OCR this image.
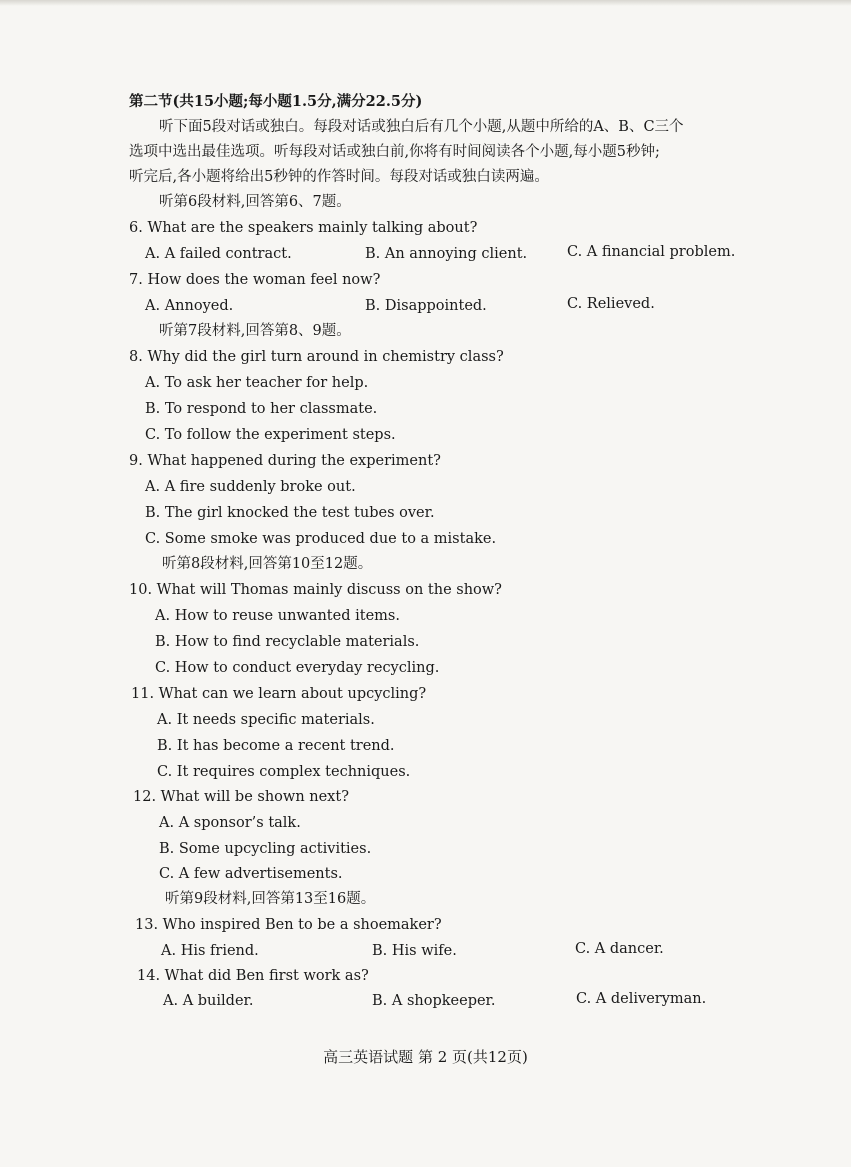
第二节(共15小题;每小题1.5分,满分22.5分)
听下面5段对话或独白。每段对话或独白后有几个小题,从题中所给的A、B、C三个
选项中选出最佳选项。听每段对话或独白前,你将有时间阅读各个小题,每小题5秒钟;
听完后,各小题将给出5秒钟的作答时间。每段对话或独白读两遍。
听第6段材料,回答第6、7题。
6. What are the speakers mainly talking about?
A. A failed contract.	B. An annoying client.	C. A financial problem.
7. How does the woman feel now?
A. Annoyed.	B. Disappointed.	C. Relieved.
听第7段材料,回答第8、9题。
8. Why did the girl turn around in chemistry class?
A. To ask her teacher for help.
B. To respond to her classmate.
C. To follow the experiment steps.
9. What happened during the experiment?
A. A fire suddenly broke out.
B. The girl knocked the test tubes over.
C. Some smoke was produced due to a mistake.
听第8段材料,回答第10至12题。
10. What will Thomas mainly discuss on the show?
A. How to reuse unwanted items.
B. How to find recyclable materials.
C. How to conduct everyday recycling.
11. What can we learn about upcycling?
A. It needs specific materials.
B. It has become a recent trend.
C. It requires complex techniques.
12. What will be shown next?
A. A sponsor’s talk.
B. Some upcycling activities.
C. A few advertisements.
听第9段材料,回答第13至16题。
13. Who inspired Ben to be a shoemaker?
A. His friend.	B. His wife.	C. A dancer.
14. What did Ben first work as?
A. A builder.	B. A shopkeeper.	C. A deliveryman.
高三英语试题 第 2 页(共12页)
